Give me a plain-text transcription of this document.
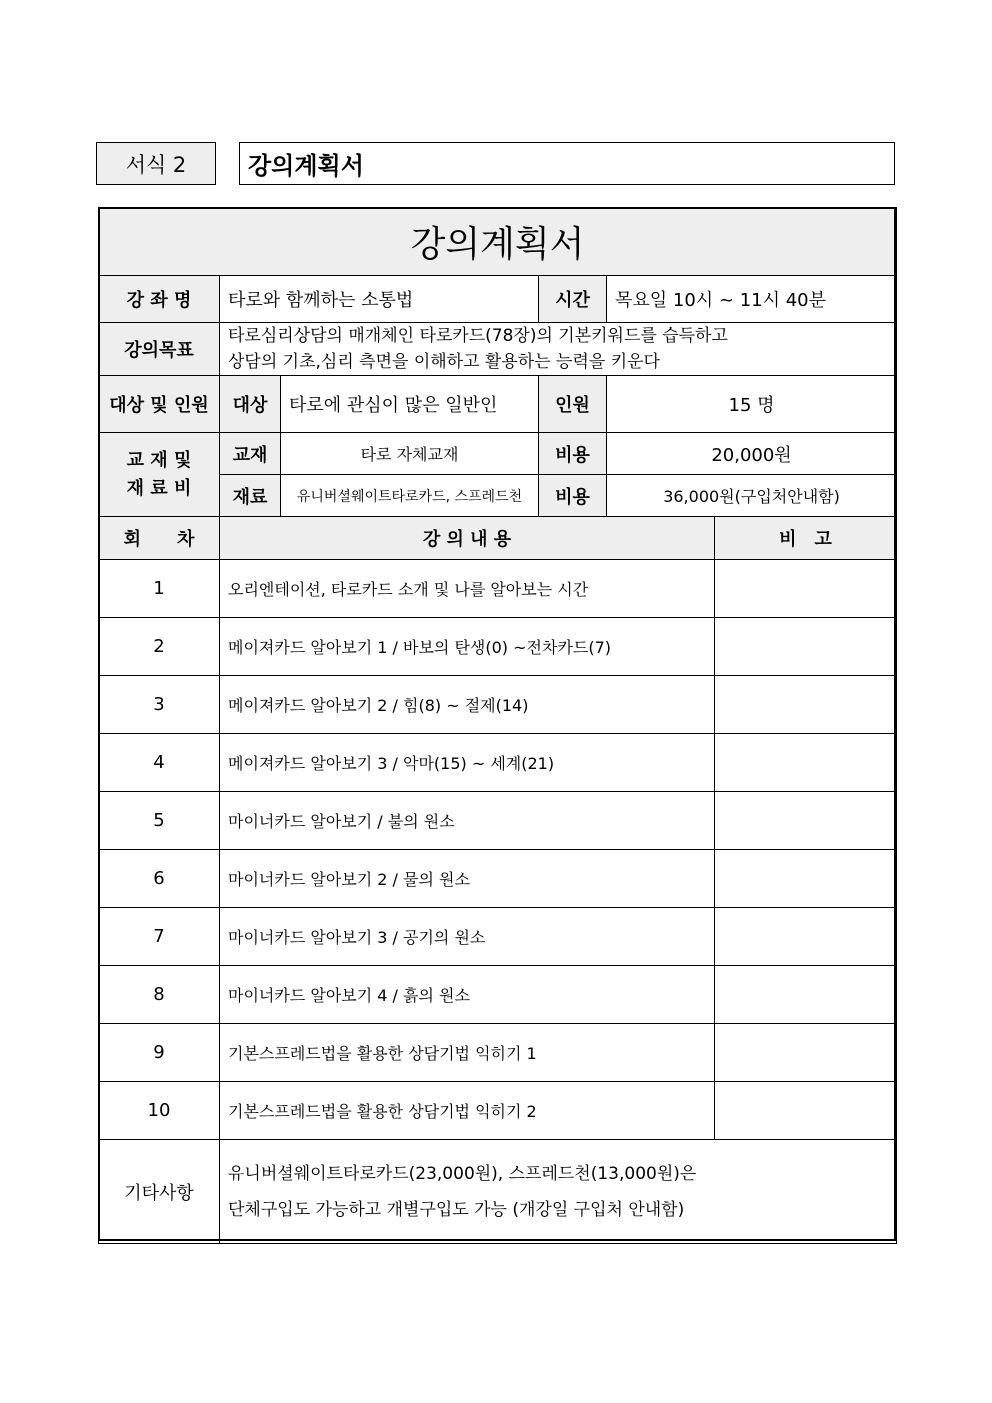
서식 2	강의계획서
강의계획서					
강 좌 명	타로와 함께하는 소통법		시간	목요일 10시 ~ 11시 40분	
강의목표	타로심리상담의 매개체인 타로카드(78장)의 기본키워드를 습득하고
상담의 기초,심리 측면을 이해하고 활용하는 능력을 키운다				

대상 및 인원	대상	타로에 관심이 많은 일반인	인원	15 명	

교 재 및
재 료 비	교재	타로 자체교재	비용	20,000원	
	재료	유니버셜웨이트타로카드, 스프레드천	비용	36,000원(구입처안내함)	
회　　차	강 의 내 용				비　고
1	오리엔테이션, 타로카드 소개 및 나를 알아보는 시간				
2	메이져카드 알아보기 1 / 바보의 탄생(0) ~전차카드(7)				
3	메이져카드 알아보기 2 / 힘(8) ~ 절제(14)				
4	메이져카드 알아보기 3 / 악마(15) ~ 세계(21)				
5	마이너카드 알아보기 / 불의 원소				
6	마이너카드 알아보기 2 / 물의 원소				
7	마이너카드 알아보기 3 / 공기의 원소				
8	마이너카드 알아보기 4 / 흙의 원소				
9	기본스프레드법을 활용한 상담기법 익히기 1				
10	기본스프레드법을 활용한 상담기법 익히기 2				
기타사항	유니버셜웨이트타로카드(23,000원), 스프레드천(13,000원)은
단체구입도 가능하고 개별구입도 가능 (개강일 구입처 안내함)				
